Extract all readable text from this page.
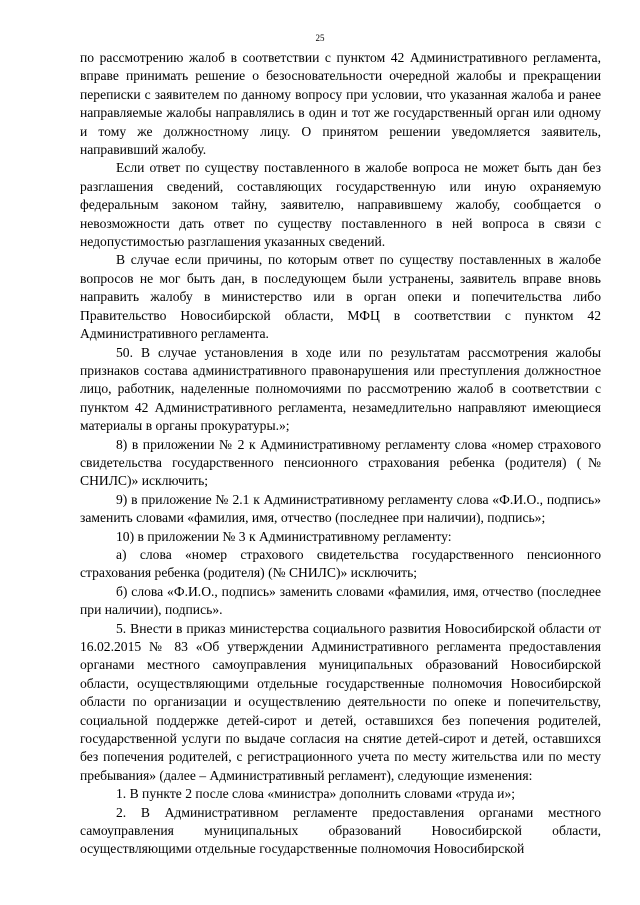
25

по рассмотрению жалоб в соответствии с пунктом 42 Административного регламента, вправе принимать решение о безосновательности очередной жалобы и прекращении переписки с заявителем по данному вопросу при условии, что указанная жалоба и ранее направляемые жалобы направлялись в один и тот же государственный орган или одному и тому же должностному лицу. О принятом решении уведомляется заявитель, направивший жалобу.

Если ответ по существу поставленного в жалобе вопроса не может быть дан без разглашения сведений, составляющих государственную или иную охраняемую федеральным законом тайну, заявителю, направившему жалобу, сообщается о невозможности дать ответ по существу поставленного в ней вопроса в связи с недопустимостью разглашения указанных сведений.

В случае если причины, по которым ответ по существу поставленных в жалобе вопросов не мог быть дан, в последующем были устранены, заявитель вправе вновь направить жалобу в министерство или в орган опеки и попечительства либо Правительство Новосибирской области, МФЦ в соответствии с пунктом 42 Административного регламента.

50. В случае установления в ходе или по результатам рассмотрения жалобы признаков состава административного правонарушения или преступления должностное лицо, работник, наделенные полномочиями по рассмотрению жалоб в соответствии с пунктом 42 Административного регламента, незамедлительно направляют имеющиеся материалы в органы прокуратуры.»;

8) в приложении № 2 к Административному регламенту слова «номер страхового свидетельства государственного пенсионного страхования ребенка (родителя) (№ СНИЛС)» исключить;

9) в приложение № 2.1 к Административному регламенту слова «Ф.И.О., подпись» заменить словами «фамилия, имя, отчество (последнее при наличии), подпись»;

10) в приложении № 3 к Административному регламенту:

а) слова «номер страхового свидетельства государственного пенсионного страхования ребенка (родителя) (№ СНИЛС)» исключить;

б) слова «Ф.И.О., подпись» заменить словами «фамилия, имя, отчество (последнее при наличии), подпись».

5. Внести в приказ министерства социального развития Новосибирской области от 16.02.2015 № 83 «Об утверждении Административного регламента предоставления органами местного самоуправления муниципальных образований Новосибирской области, осуществляющими отдельные государственные полномочия Новосибирской области по организации и осуществлению деятельности по опеке и попечительству, социальной поддержке детей-сирот и детей, оставшихся без попечения родителей, государственной услуги по выдаче согласия на снятие детей-сирот и детей, оставшихся без попечения родителей, с регистрационного учета по месту жительства или по месту пребывания» (далее – Административный регламент), следующие изменения:

1. В пункте 2 после слова «министра» дополнить словами «труда и»;

2. В Административном регламенте предоставления органами местного самоуправления муниципальных образований Новосибирской области, осуществляющими отдельные государственные полномочия Новосибирской
